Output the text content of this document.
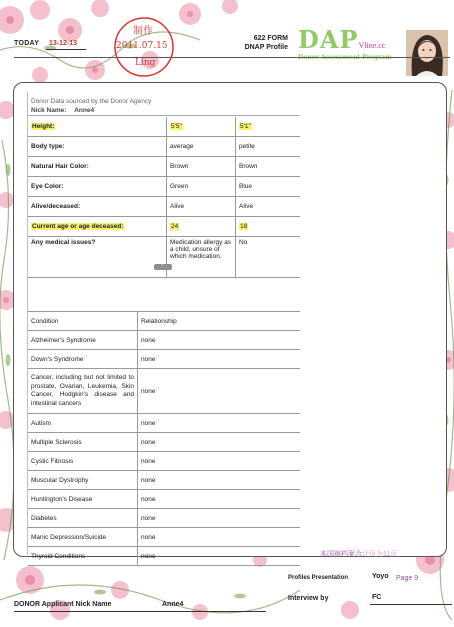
TODAY 13-12-13
制作
2011.07.15
Ling
622 FORM
DNAP Profile DAPVline.cc
Donor Assessment Program
Donor Data sourced by the Donor Agency
Nick Name: Anne4
Height:	5'5"	5'1"
Body type:	average	petite
Natural Hair Color:	Brown	Brown
Eye Color:	Green	Blue
Alive/deceased:	Alive	Alive
Current age or age deceased:	24	18
Any medical issues?	Medication allergy as a child, unsure of which medication.	No
+
Condition	Relationship
Alzheimer's Syndrome	none
Down's Syndrome	none
Cancer, including but not limited to prostate, Ovarian, Leukemia, Skin Cancer, Hodgkin's disease and intestinal cancers	none
Autism	none
Multiple Sclerosis	none
Cystic Fibrosis	none
Muscular Dystrophy	none
Huntington's Disease	none
Diabetes	none
Manic Depression/Suicide	none
Thyroid Conditions	none	本国辩档案合计页为11页
Profiles Presentation	Yoyo Page 9
Interview by	FC
DONOR Applicant Nick Name	Anne4
